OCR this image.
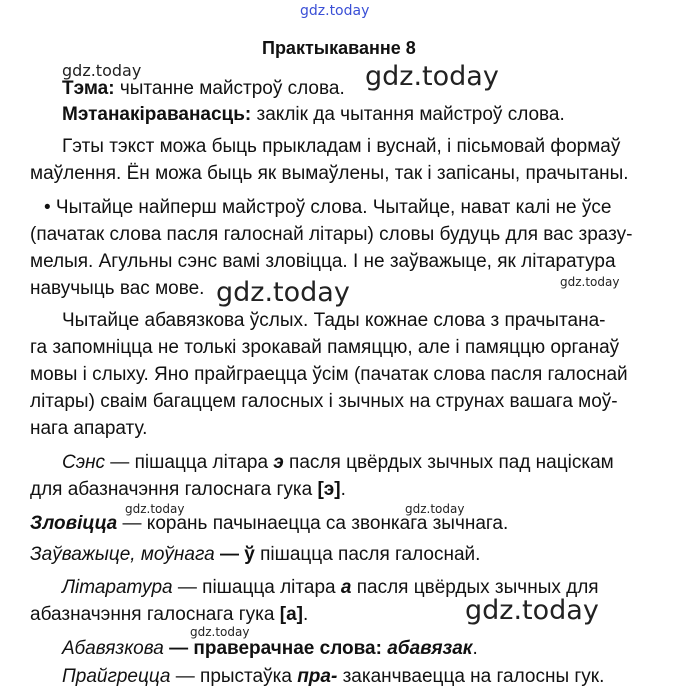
gdz.today
gdz.today	gdz.today
gdz.today	gdz.today
gdz.today	gdz.today
gdz.today
gdz.today
Практыкаванне 8
Тэма: чытанне майстроў слова.
Мэтанакіраванасць: заклік да чытання майстроў слова.
Гэты тэкст можа быць прыкладам і вуснай, і пісьмовай формаў
маўлення. Ён можа быць як вымаўлены, так і запісаны, прачытаны.
• Чытайце найперш майстроў слова. Чытайце, нават калі не ўсе
(пачатак слова пасля галоснай літары) словы будуць для вас зразу-
мелыя. Агульны сэнс вамі зловіцца. І не заўважыце, як літаратура
навучыць вас мове.
Чытайце абавязкова ўслых. Тады кожнае слова з прачытана-
га запомніцца не толькі зрокавай памяццю, але і памяццю органаў
мовы і слыху. Яно прайграецца ўсім (пачатак слова пасля галоснай
літары) сваім багаццем галосных і зычных на струнах вашага моў-
нага апарату.
Сэнс — пішацца літара э пасля цвёрдых зычных пад націскам
для абазначэння галоснага гука [э].
Зловіцца — корань пачынаецца са звонкага зычнага.
Заўважыце, моўнага — ў пішацца пасля галоснай.
Літаратура — пішацца літара а пасля цвёрдых зычных для
абазначэння галоснага гука [а].
Абавязкова — праверачнае слова: абавязак.
Прайгрецца — прыстаўка пра- заканчваецца на галосны гук.
